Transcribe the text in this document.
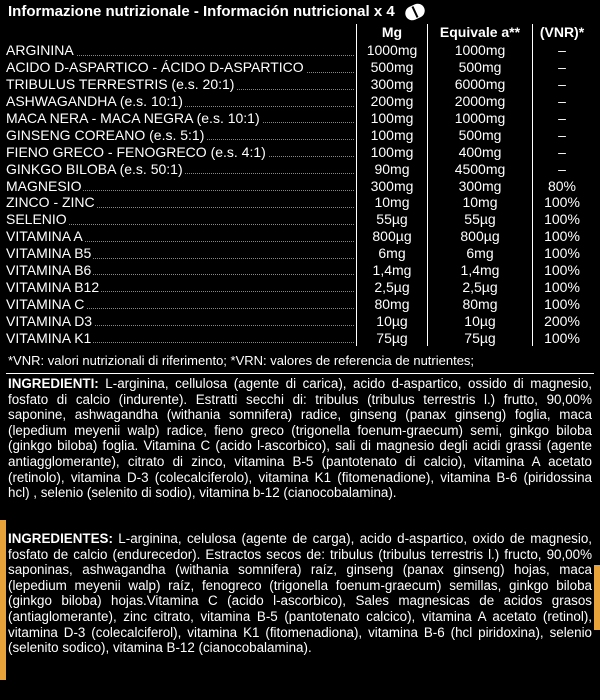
Informazione nutrizionale - Información nutricional x 4
	Mg	Equivale a**	(VNR)*
ARGININA	1000mg	1000mg	–
ACIDO D-ASPARTICO - ÁCIDO D-ASPARTICO	500mg	500mg	–
TRIBULUS TERRESTRIS (e.s. 20:1)	300mg	6000mg	–
ASHWAGANDHA (e.s. 10:1)	200mg	2000mg	–
MACA NERA - MACA NEGRA (e.s. 10:1)	100mg	1000mg	–
GINSENG COREANO (e.s. 5:1)	100mg	500mg	–
FIENO GRECO - FENOGRECO (e.s. 4:1)	100mg	400mg	–
GINKGO BILOBA (e.s. 50:1)	90mg	4500mg	–
MAGNESIO	300mg	300mg	80%
ZINCO - ZINC	10mg	10mg	100%
SELENIO	55µg	55µg	100%
VITAMINA A	800µg	800µg	100%
VITAMINA B5	6mg	6mg	100%
VITAMINA B6	1,4mg	1,4mg	100%
VITAMINA B12	2,5µg	2,5µg	100%
VITAMINA C	80mg	80mg	100%
VITAMINA D3	10µg	10µg	200%
VITAMINA K1	75µg	75µg	100%
*VNR: valori nutrizionali di riferimento; *VRN: valores de referencia de nutrientes;
INGREDIENTI: L-arginina, cellulosa (agente di carica), acido d-aspartico, ossido di magnesio, fosfato di calcio (indurente). Estratti secchi di: tribulus (tribulus terrestris l.) frutto, 90,00% saponine, ashwagandha (withania somnifera) radice, ginseng (panax ginseng) foglia, maca (lepedium meyenii walp) radice, fieno greco (trigonella foenum-graecum) semi, ginkgo biloba (ginkgo biloba) foglia. Vitamina C (acido l-ascorbico), sali di magnesio degli acidi grassi (agente antiagglomerante), citrato di zinco, vitamina B-5 (pantotenato di calcio), vitamina A acetato (retinolo), vitamina D-3 (colecalciferolo), vitamina K1 (fitomenadione), vitamina B-6 (piridossina hcl) , selenio (selenito di sodio), vitamina b-12 (cianocobalamina).
INGREDIENTES: L-arginina, celulosa (agente de carga), acido d-aspartico, oxido de magnesio, fosfato de calcio (endurecedor). Estractos secos de: tribulus (tribulus terrestris l.) fructo, 90,00% saponinas, ashwagandha (withania somnifera) raíz, ginseng (panax ginseng) hojas, maca (lepedium meyenii walp) raíz, fenogreco (trigonella foenum-graecum) semillas, ginkgo biloba (ginkgo biloba) hojas.Vitamina C (acido l-ascorbico), Sales magnesicas de acidos grasos (antiaglomerante), zinc citrato, vitamina B-5 (pantotenato calcico), vitamina A acetato (retinol), vitamina D-3 (colecalciferol), vitamina K1 (fitomenadiona), vitamina B-6 (hcl piridoxina), selenio (selenito sodico), vitamina B-12 (cianocobalamina).
